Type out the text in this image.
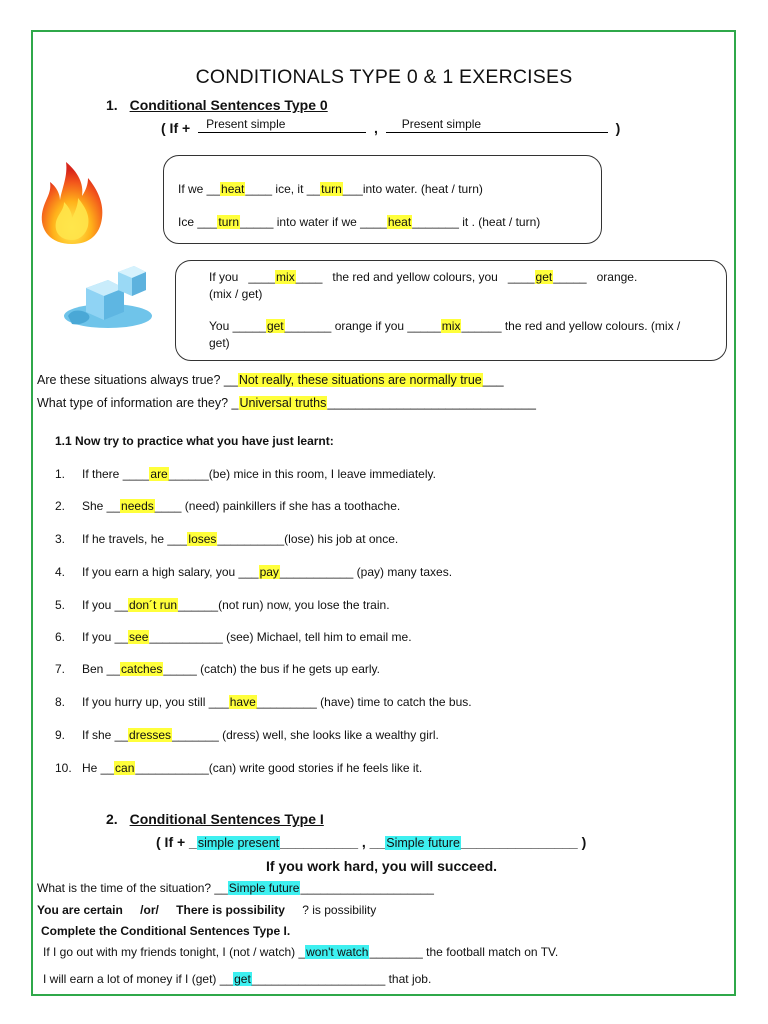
CONDITIONALS TYPE 0 & 1 EXERCISES
1. Conditional Sentences Type 0
( If + Present simple	, Present simple	)
If we __heat____ ice, it __turn___into water. (heat / turn)
Ice ___turn_____ into water if we ____heat_______ it . (heat / turn)
If you   ____mix____   the red and yellow colours, you   ____get_____   orange.
(mix / get)
You _____get_______ orange if you _____mix______ the red and yellow colours. (mix /
get)
Are these situations always true? __Not really, these situations are normally true___
What type of information are they? _Universal truths______________________________
1.1 Now try to practice what you have just learnt:
1. If there ____are______(be) mice in this room, I leave immediately.
2. She __needs____ (need) painkillers if she has a toothache.
3. If he travels, he ___loses__________(lose) his job at once.
4. If you earn a high salary, you ___pay___________ (pay) many taxes.
5. If you __don´t run______(not run) now, you lose the train.
6. If you __see___________ (see) Michael, tell him to email me.
7. Ben __catches_____ (catch) the bus if he gets up early.
8. If you hurry up, you still ___have_________ (have) time to catch the bus.
9. If she __dresses_______ (dress) well, she looks like a wealthy girl.
10. He __can___________(can) write good stories if he feels like it.
2. Conditional Sentences Type I
( If + _simple present__________ , __Simple future_______________ )
If you work hard, you will succeed.
What is the time of the situation? __Simple future____________________
You are certain /or/ There is possibility ? is possibility
Complete the Conditional Sentences Type I.
If I go out with my friends tonight, I (not / watch) _won't watch________ the football match on TV.
I will earn a lot of money if I (get) __get____________________ that job.
